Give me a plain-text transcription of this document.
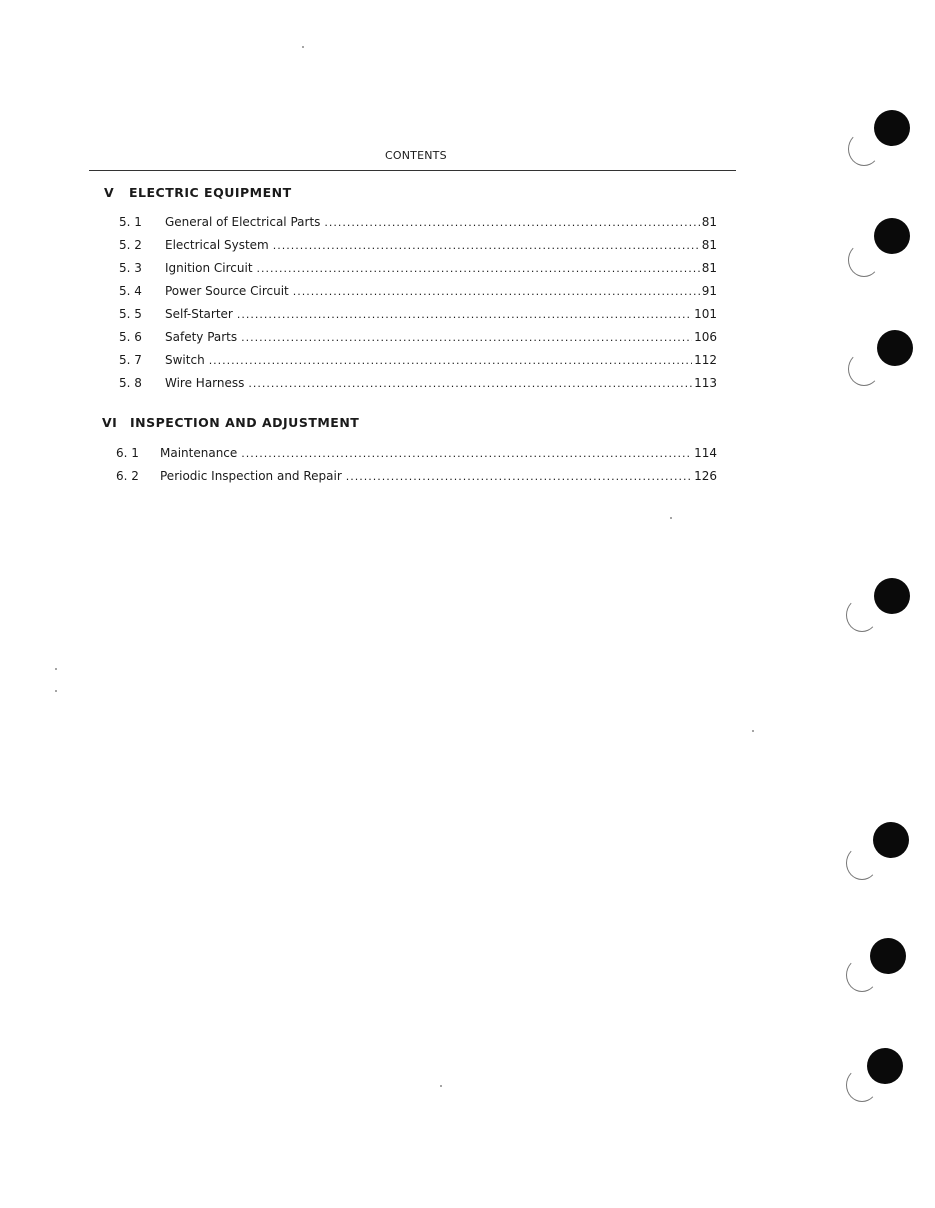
CONTENTS
V ELECTRIC EQUIPMENT
5. 1	General of Electrical Parts .....	81
5. 2	Electrical System .....	81
5. 3	Ignition Circuit .....	81
5. 4	Power Source Circuit .....	91
5. 5	Self-Starter .....	101
5. 6	Safety Parts .....	106
5. 7	Switch .....	112
5. 8	Wire Harness .....	113
VI INSPECTION AND ADJUSTMENT
6. 1	Maintenance .....	114
6. 2	Periodic Inspection and Repair .....	126
